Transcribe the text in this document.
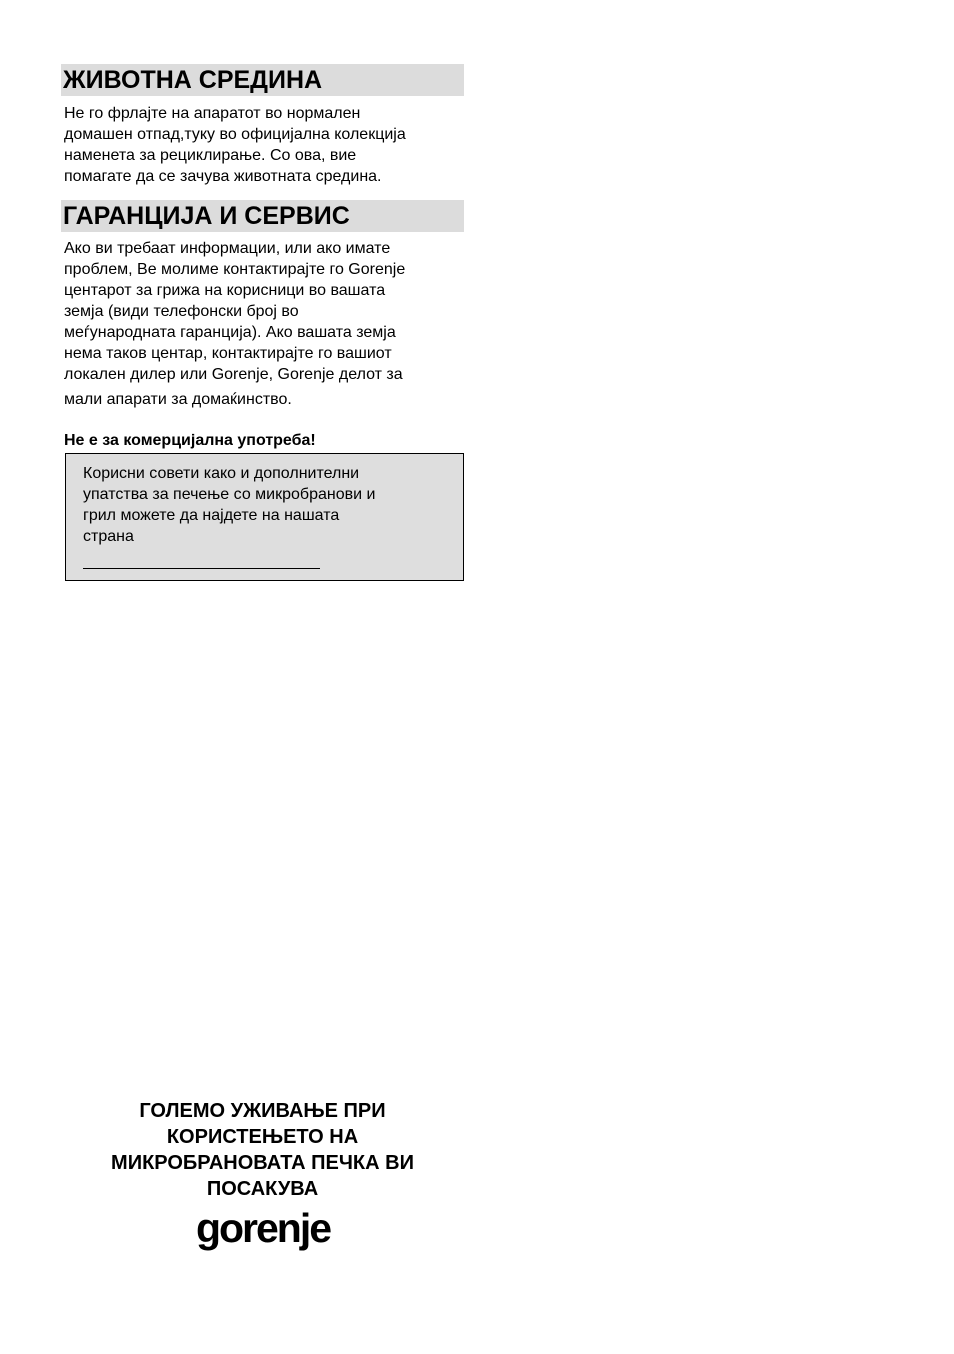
ЖИВОТНА СРЕДИНА
Не го фрлајте на апаратот во нормален
домашен отпад,туку во официјална колекција
наменета за рециклирање. Со ова, вие
помагате да се зачува животната средина.
ГАРАНЦИЈА И СЕРВИС
Ако ви требаат информации, или ако имате
проблем, Ве молиме контактирајте го Gorenje
центарот за грижа на корисници во вашата
земја (види телефонски број во
меѓународната гаранција). Ако вашата земја
нема таков центар, контактирајте го вашиот
локален дилер или Gorenje, Gorenje делот за
мали апарати за домаќинство.
Не е за комерцијална употреба!
Корисни совети како и дополнителни
упатства за печење со микробранови и
грил можете да најдете на нашата
страна
ГОЛЕМО УЖИВАЊЕ ПРИ
КОРИСТЕЊЕТО НА
МИКРОБРАНОВАТА ПЕЧКА ВИ
ПОСАКУВА
gorenje
